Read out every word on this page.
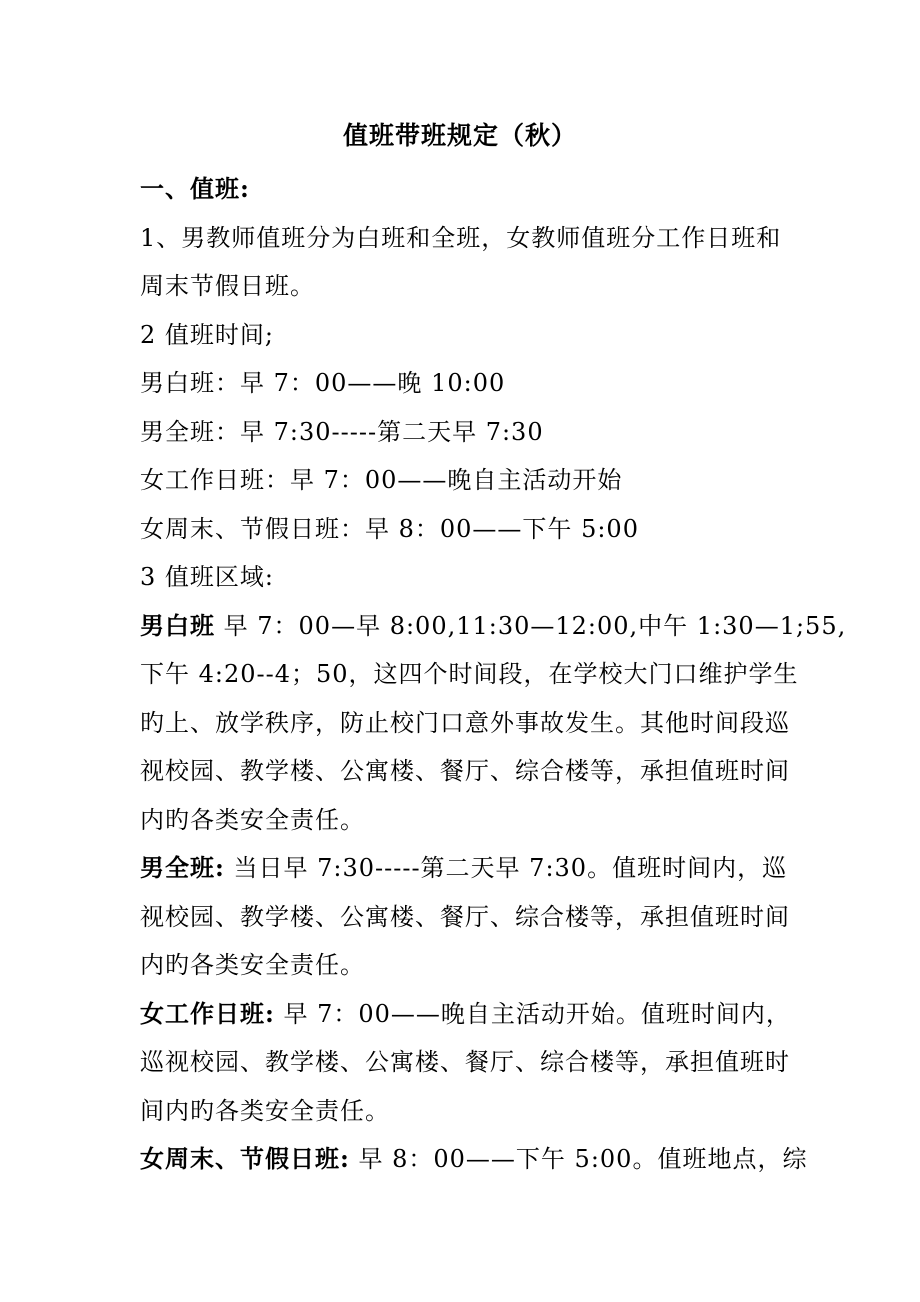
值班带班规定（秋）
一、值班:
1、男教师值班分为白班和全班，女教师值班分工作日班和
周末节假日班。
2 值班时间;
男白班：早 7：00——晚 10:00
男全班：早 7:30-----第二天早 7:30
女工作日班：早 7：00——晚自主活动开始
女周末、节假日班：早 8：00——下午 5:00
3 值班区域:
男白班 早 7：00—早 8:00,11:30—12:00,中午 1:30—1;55,
下午 4:20--4；50，这四个时间段，在学校大门口维护学生
旳上、放学秩序，防止校门口意外事故发生。其他时间段巡
视校园、教学楼、公寓楼、餐厅、综合楼等，承担值班时间
内旳各类安全责任。
男全班: 当日早 7:30-----第二天早 7:30。值班时间内，巡
视校园、教学楼、公寓楼、餐厅、综合楼等，承担值班时间
内旳各类安全责任。
女工作日班: 早 7：00——晚自主活动开始。值班时间内，
巡视校园、教学楼、公寓楼、餐厅、综合楼等，承担值班时
间内旳各类安全责任。
女周末、节假日班: 早 8：00——下午 5:00。值班地点，综
